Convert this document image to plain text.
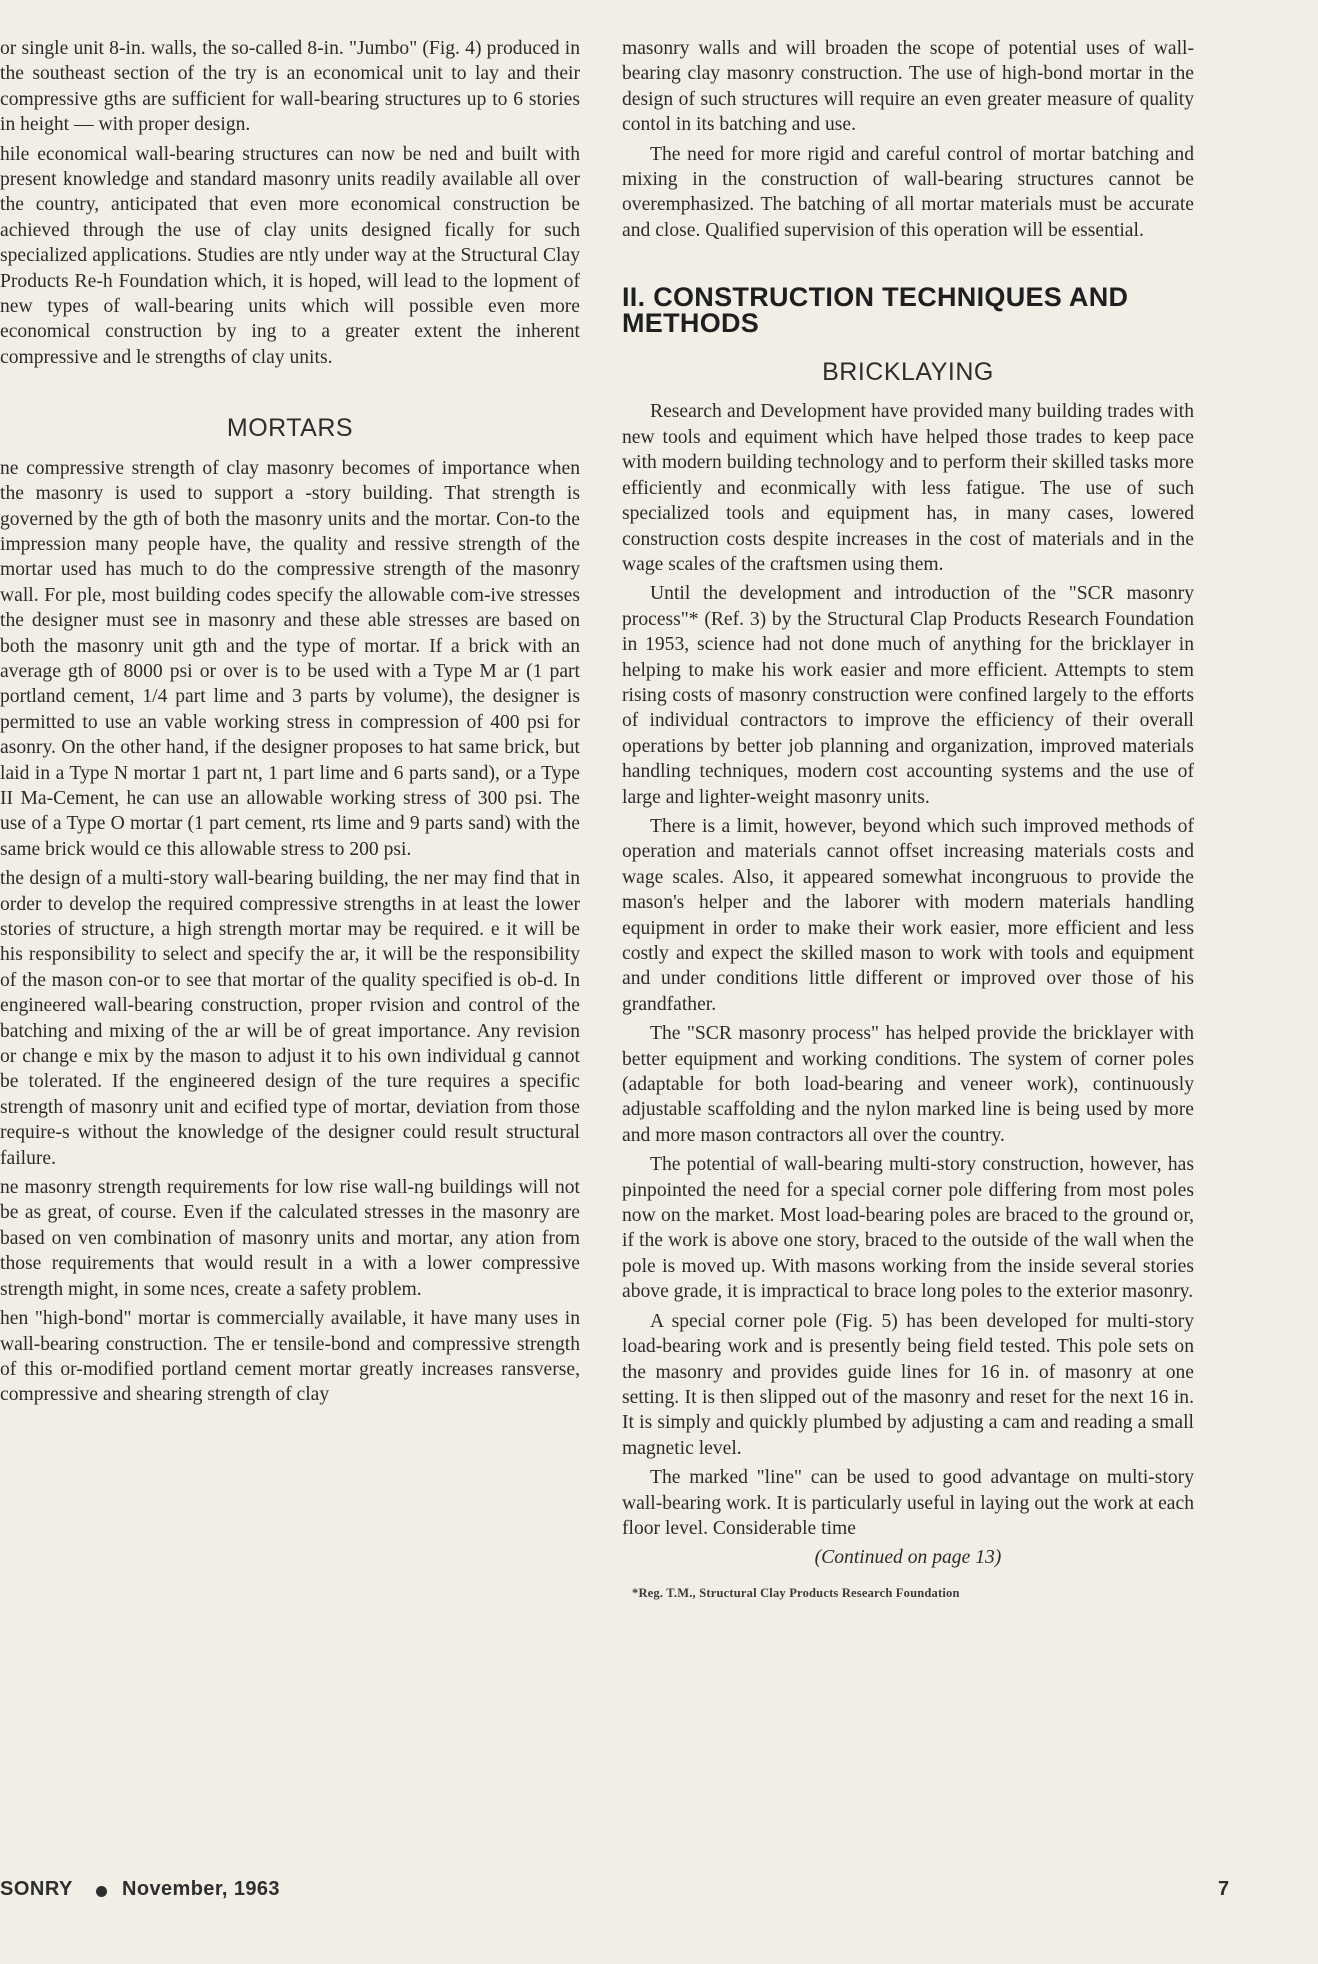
or single unit 8-in. walls, the so-called 8-in. "Jumbo" (Fig. 4) produced in the southeast section of the try is an economical unit to lay and their compressive gths are sufficient for wall-bearing structures up to 6 stories in height — with proper design.

hile economical wall-bearing structures can now be ned and built with present knowledge and standard masonry units readily available all over the country, anticipated that even more economical construction be achieved through the use of clay units designed fically for such specialized applications. Studies are ntly under way at the Structural Clay Products Re-h Foundation which, it is hoped, will lead to the lopment of new types of wall-bearing units which will possible even more economical construction by ing to a greater extent the inherent compressive and le strengths of clay units.

MORTARS

ne compressive strength of clay masonry becomes of importance when the masonry is used to support a -story building. That strength is governed by the gth of both the masonry units and the mortar. Con-to the impression many people have, the quality and ressive strength of the mortar used has much to do the compressive strength of the masonry wall. For ple, most building codes specify the allowable com-ive stresses the designer must see in masonry and these able stresses are based on both the masonry unit gth and the type of mortar. If a brick with an average gth of 8000 psi or over is to be used with a Type M ar (1 part portland cement, 1/4 part lime and 3 parts by volume), the designer is permitted to use an vable working stress in compression of 400 psi for asonry. On the other hand, if the designer proposes to hat same brick, but laid in a Type N mortar 1 part nt, 1 part lime and 6 parts sand), or a Type II Ma-Cement, he can use an allowable working stress of 300 psi. The use of a Type O mortar (1 part cement, rts lime and 9 parts sand) with the same brick would ce this allowable stress to 200 psi.

the design of a multi-story wall-bearing building, the ner may find that in order to develop the required compressive strengths in at least the lower stories of structure, a high strength mortar may be required. e it will be his responsibility to select and specify the ar, it will be the responsibility of the mason con-or to see that mortar of the quality specified is ob-d. In engineered wall-bearing construction, proper rvision and control of the batching and mixing of the ar will be of great importance. Any revision or change e mix by the mason to adjust it to his own individual g cannot be tolerated. If the engineered design of the ture requires a specific strength of masonry unit and ecified type of mortar, deviation from those require-s without the knowledge of the designer could result structural failure.

ne masonry strength requirements for low rise wall-ng buildings will not be as great, of course. Even if the calculated stresses in the masonry are based on ven combination of masonry units and mortar, any ation from those requirements that would result in a with a lower compressive strength might, in some nces, create a safety problem.

hen "high-bond" mortar is commercially available, it have many uses in wall-bearing construction. The er tensile-bond and compressive strength of this or-modified portland cement mortar greatly increases ransverse, compressive and shearing strength of clay

masonry walls and will broaden the scope of potential uses of wall-bearing clay masonry construction. The use of high-bond mortar in the design of such structures will require an even greater measure of quality contol in its batching and use.

The need for more rigid and careful control of mortar batching and mixing in the construction of wall-bearing structures cannot be overemphasized. The batching of all mortar materials must be accurate and close. Qualified supervision of this operation will be essential.

II. CONSTRUCTION TECHNIQUES AND METHODS
BRICKLAYING

Research and Development have provided many building trades with new tools and equiment which have helped those trades to keep pace with modern building technology and to perform their skilled tasks more efficiently and econmically with less fatigue. The use of such specialized tools and equipment has, in many cases, lowered construction costs despite increases in the cost of materials and in the wage scales of the craftsmen using them.

Until the development and introduction of the "SCR masonry process"* (Ref. 3) by the Structural Clap Products Research Foundation in 1953, science had not done much of anything for the bricklayer in helping to make his work easier and more efficient. Attempts to stem rising costs of masonry construction were confined largely to the efforts of individual contractors to improve the efficiency of their overall operations by better job planning and organization, improved materials handling techniques, modern cost accounting systems and the use of large and lighter-weight masonry units.

There is a limit, however, beyond which such improved methods of operation and materials cannot offset increasing materials costs and wage scales. Also, it appeared somewhat incongruous to provide the mason's helper and the laborer with modern materials handling equipment in order to make their work easier, more efficient and less costly and expect the skilled mason to work with tools and equipment and under conditions little different or improved over those of his grandfather.

The "SCR masonry process" has helped provide the bricklayer with better equipment and working conditions. The system of corner poles (adaptable for both load-bearing and veneer work), continuously adjustable scaffolding and the nylon marked line is being used by more and more mason contractors all over the country.

The potential of wall-bearing multi-story construction, however, has pinpointed the need for a special corner pole differing from most poles now on the market. Most load-bearing poles are braced to the ground or, if the work is above one story, braced to the outside of the wall when the pole is moved up. With masons working from the inside several stories above grade, it is impractical to brace long poles to the exterior masonry.

A special corner pole (Fig. 5) has been developed for multi-story load-bearing work and is presently being field tested. This pole sets on the masonry and provides guide lines for 16 in. of masonry at one setting. It is then slipped out of the masonry and reset for the next 16 in. It is simply and quickly plumbed by adjusting a cam and reading a small magnetic level.

The marked "line" can be used to good advantage on multi-story wall-bearing work. It is particularly useful in laying out the work at each floor level. Considerable time

(Continued on page 13)
*Reg. T.M., Structural Clay Products Research Foundation
SONRY November, 1963	7
